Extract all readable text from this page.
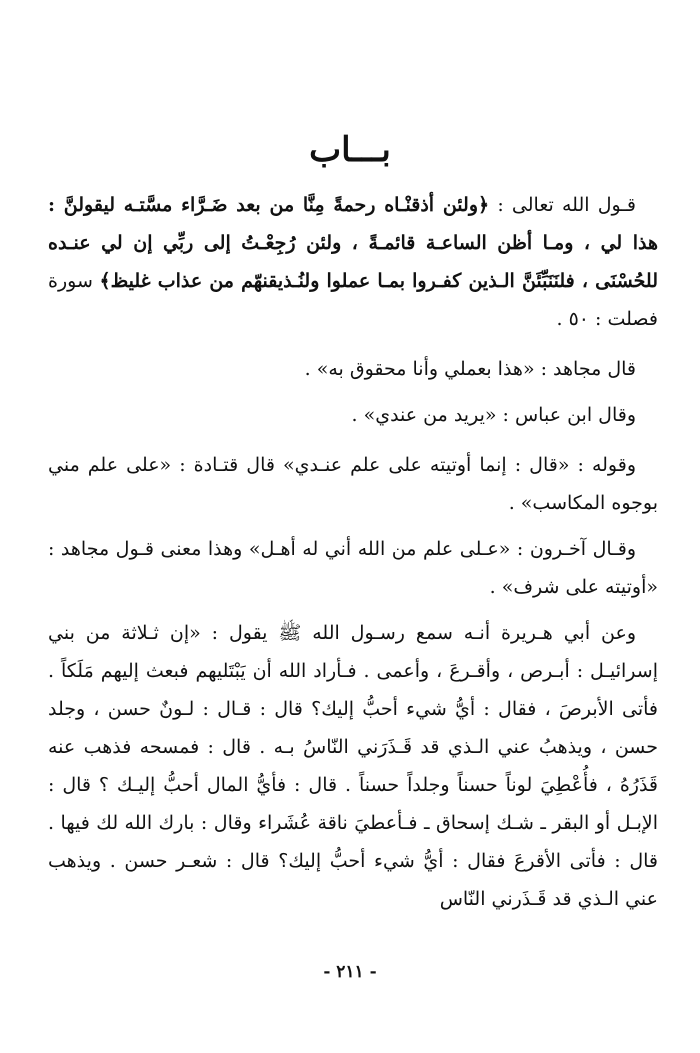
بـــاب
قـول الله تعالى : ﴿ولئن أذقنْـاه رحمةً مِنَّا من بعد ضَـرَّاء مسَّتـه ليقولنَّ : هذا لي ، ومـا أظن الساعـة قائمـةً ، ولئن رُجِعْـتُ إلى ربِّي إن لي عنـده للحُسْنَى ، فلنَنَبِّئَنَّ الـذين كفـروا بمـا عملوا ولنُـذيقنهّم من عذاب غليظ﴾ سورة فصلت : ٥٠ .
قال مجاهد : «هذا بعملي وأنا محقوق به» .
وقال ابن عباس : «يريد من عندي» .
وقوله : «قال : إنما أوتيته على علم عنـدي» قال قتـادة : «على علم مني بوجوه المكاسب» .
وقـال آخـرون : «عـلى علم من الله أني له أهـل» وهذا معنى قـول مجاهد : «أوتيته على شرف» .
وعن أبي هـريرة أنـه سمع رسـول الله ﷺ يقول : «إن ثـلاثة من بني إسرائيـل : أبـرص ، وأقـرعَ ، وأعمى . فـأراد الله أن يَبْتَليهم فبعث إليهم مَلَكاً . فأتى الأبرصَ ، فقال : أيُّ شيء أحبُّ إليك؟ قال : قـال : لـونٌ حسن ، وجلد حسن ، ويذهبُ عني الـذي قد قَـذَرَني النّاسُ بـه . قال : فمسحه فذهب عنه قَذَرُهُ ، فأُعْطِيَ لوناً حسناً وجلداً حسناً . قال : فأيُّ المال أحبُّ إليـك ؟ قال : الإبـل أو البقر ـ شـك إسحاق ـ فـأعطيَ ناقة عُشَراء وقال : بارك الله لك فيها . قال : فأتى الأقرعَ فقال : أيُّ شيء أحبُّ إليك؟ قال : شعـر حسن . ويذهب عني الـذي قد قَـذَرني النّاس
- ٢١١ -
